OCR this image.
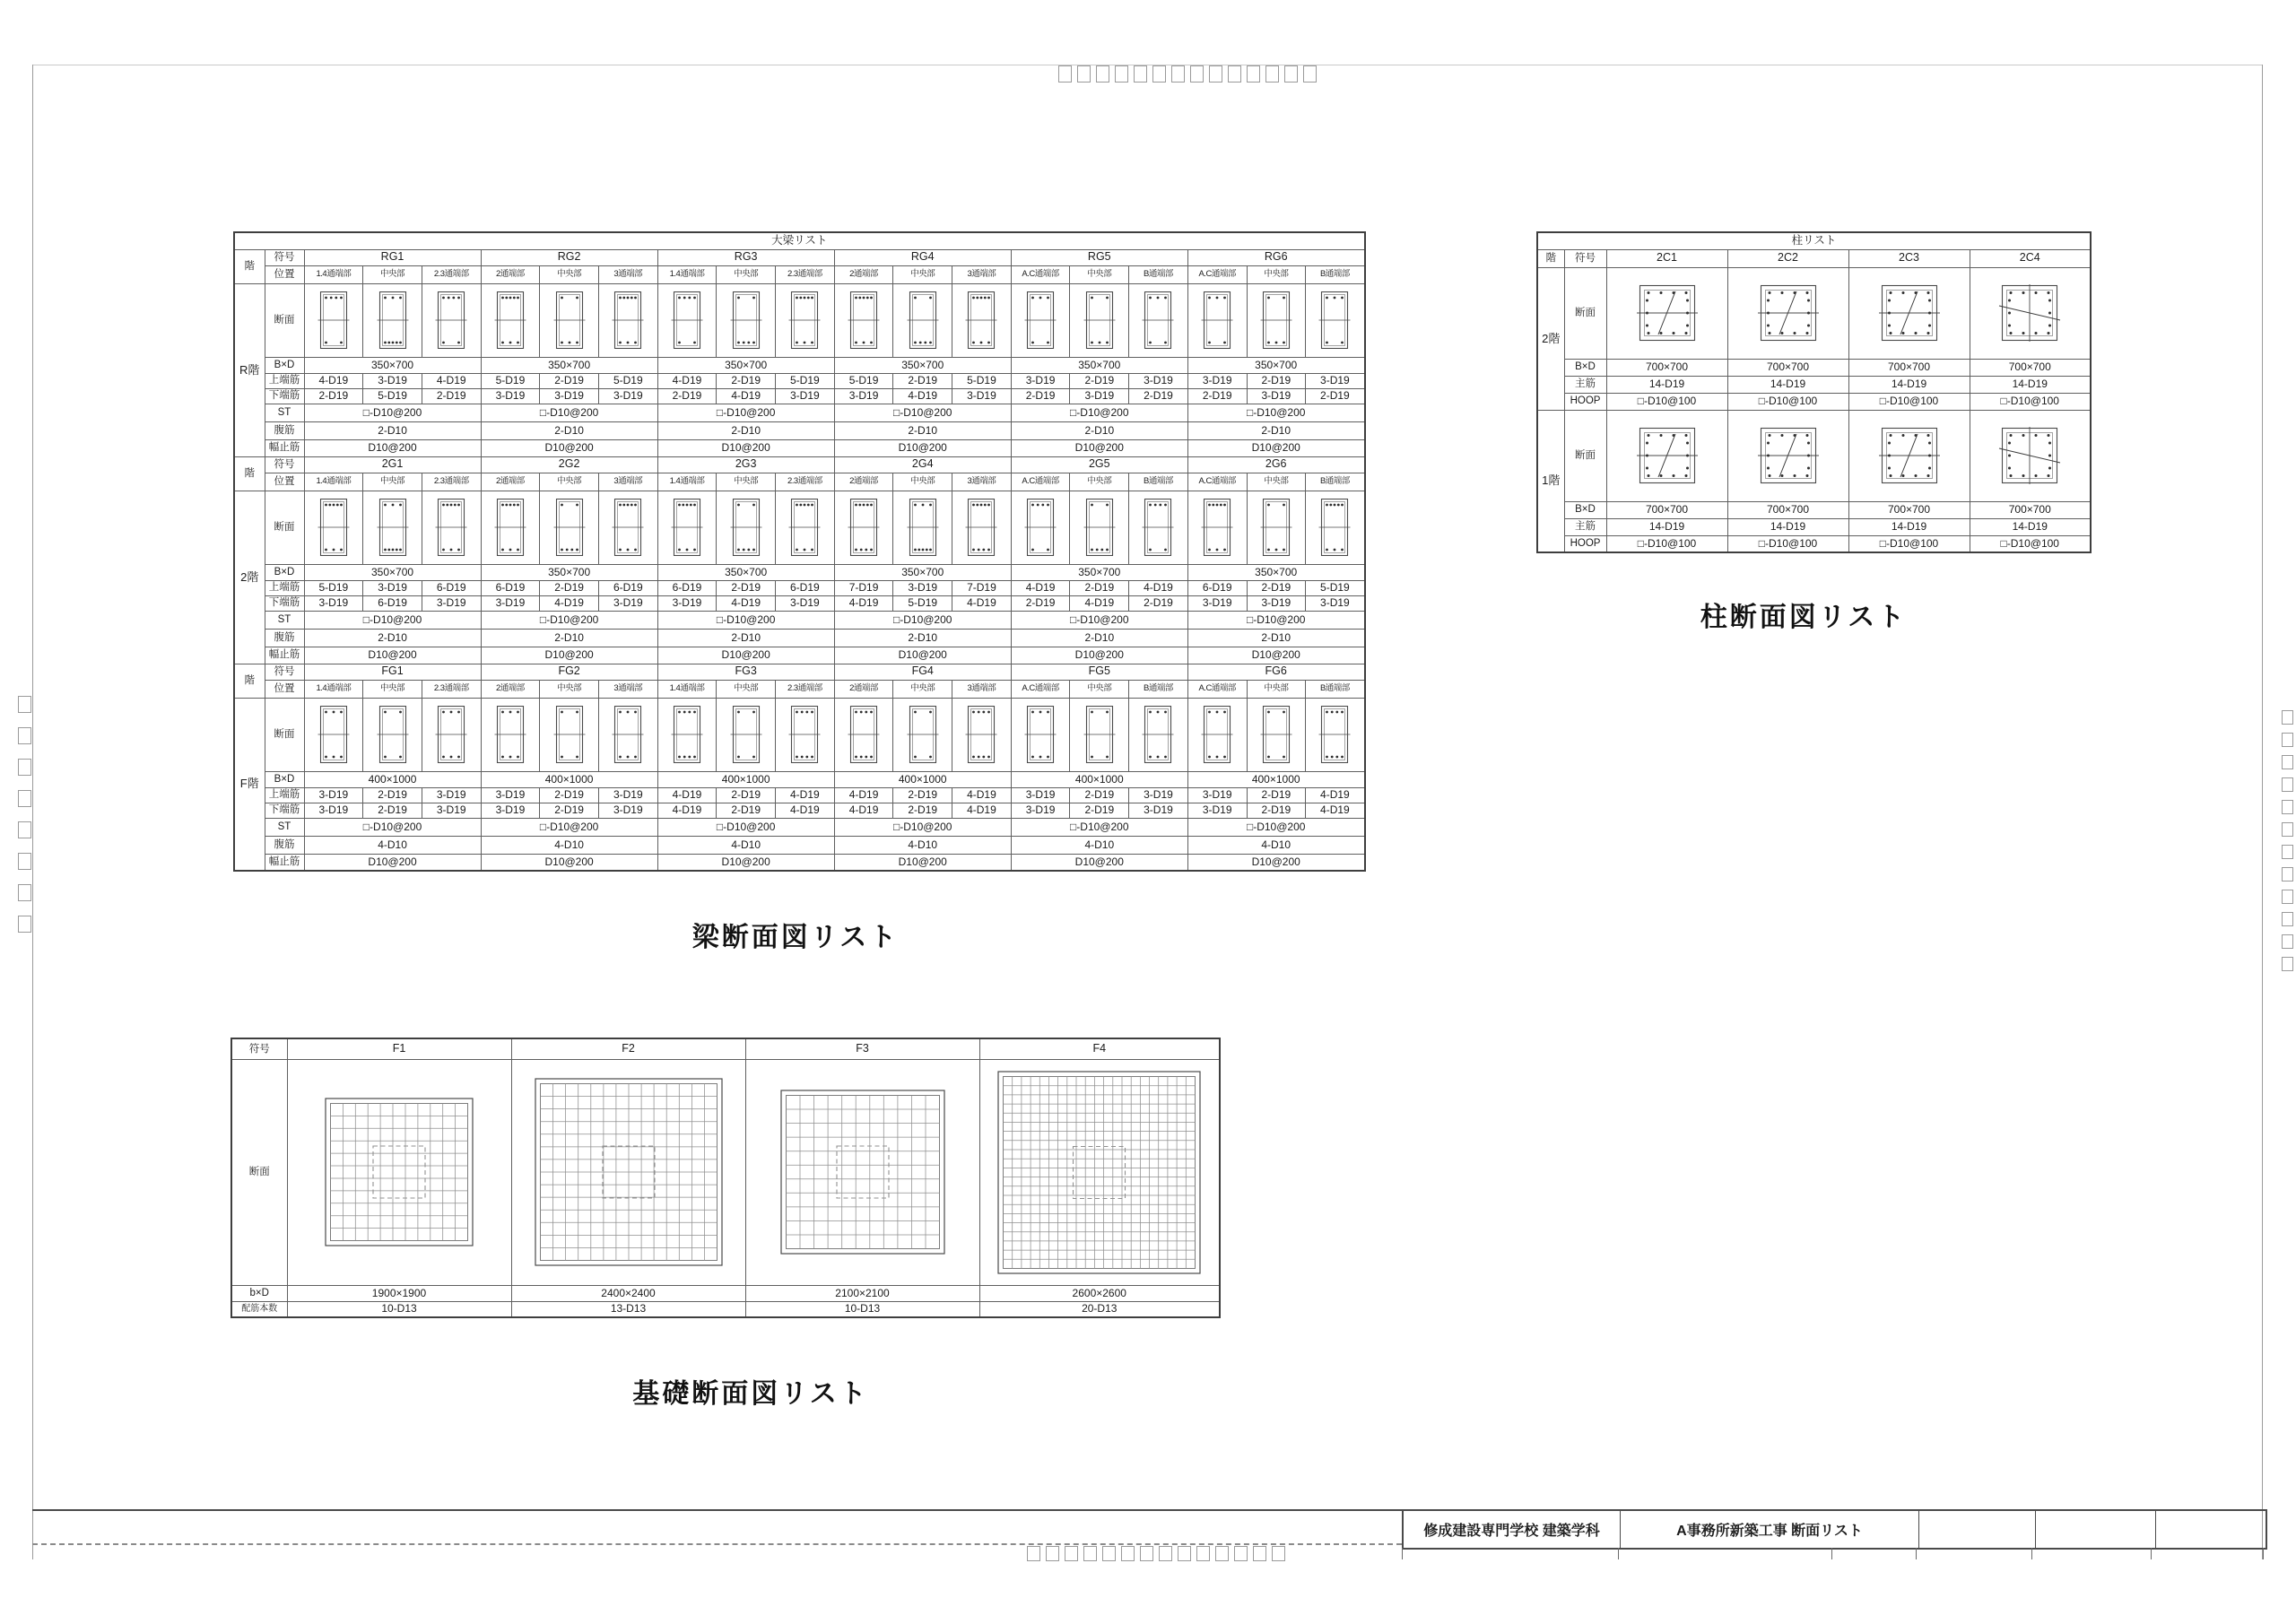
大梁リスト																			
階	符号	RG1			RG2			RG3			RG4			RG5			RG6		
	位置	1.4通端部	中央部	2.3通端部	2通端部	中央部	3通端部	1.4通端部	中央部	2.3通端部	2通端部	中央部	3通端部	A.C通端部	中央部	B通端部	A.C通端部	中央部	B通端部
R階	断面	

	B×D	350×700			350×700			350×700			350×700			350×700			350×700		
	上端筋	4-D19	3-D19	4-D19	5-D19	2-D19	5-D19	4-D19	2-D19	5-D19	5-D19	2-D19	5-D19	3-D19	2-D19	3-D19	3-D19	2-D19	3-D19
	下端筋	2-D19	5-D19	2-D19	3-D19	3-D19	3-D19	2-D19	4-D19	3-D19	3-D19	4-D19	3-D19	2-D19	3-D19	2-D19	2-D19	3-D19	2-D19
	ST	□-D10@200			□-D10@200			□-D10@200			□-D10@200			□-D10@200			□-D10@200		
	腹筋	2-D10			2-D10			2-D10			2-D10			2-D10			2-D10		
	幅止筋	D10@200			D10@200			D10@200			D10@200			D10@200			D10@200		
階	符号	2G1			2G2			2G3			2G4			2G5			2G6		
	位置	1.4通端部	中央部	2.3通端部	2通端部	中央部	3通端部	1.4通端部	中央部	2.3通端部	2通端部	中央部	3通端部	A.C通端部	中央部	B通端部	A.C通端部	中央部	B通端部
2階	断面	

	B×D	350×700			350×700			350×700			350×700			350×700			350×700		
	上端筋	5-D19	3-D19	6-D19	6-D19	2-D19	6-D19	6-D19	2-D19	6-D19	7-D19	3-D19	7-D19	4-D19	2-D19	4-D19	6-D19	2-D19	5-D19
	下端筋	3-D19	6-D19	3-D19	3-D19	4-D19	3-D19	3-D19	4-D19	3-D19	4-D19	5-D19	4-D19	2-D19	4-D19	2-D19	3-D19	3-D19	3-D19
	ST	□-D10@200			□-D10@200			□-D10@200			□-D10@200			□-D10@200			□-D10@200		
	腹筋	2-D10			2-D10			2-D10			2-D10			2-D10			2-D10		
	幅止筋	D10@200			D10@200			D10@200			D10@200			D10@200			D10@200		
階	符号	FG1			FG2			FG3			FG4			FG5			FG6		
	位置	1.4通端部	中央部	2.3通端部	2通端部	中央部	3通端部	1.4通端部	中央部	2.3通端部	2通端部	中央部	3通端部	A.C通端部	中央部	B通端部	A.C通端部	中央部	B通端部
F階	断面	

	B×D	400×1000			400×1000			400×1000			400×1000			400×1000			400×1000		
	上端筋	3-D19	2-D19	3-D19	3-D19	2-D19	3-D19	4-D19	2-D19	4-D19	4-D19	2-D19	4-D19	3-D19	2-D19	3-D19	3-D19	2-D19	4-D19
	下端筋	3-D19	2-D19	3-D19	3-D19	2-D19	3-D19	4-D19	2-D19	4-D19	4-D19	2-D19	4-D19	3-D19	2-D19	3-D19	3-D19	2-D19	4-D19
	ST	□-D10@200			□-D10@200			□-D10@200			□-D10@200			□-D10@200			□-D10@200		
	腹筋	4-D10			4-D10			4-D10			4-D10			4-D10			4-D10		
	幅止筋	D10@200			D10@200			D10@200			D10@200			D10@200			D10@200		
柱リスト					
階	符号	2C1	2C2	2C3	2C4
2階	断面	

	B×D	700×700	700×700	700×700	700×700
	主筋	14-D19	14-D19	14-D19	14-D19
	HOOP	□-D10@100	□-D10@100	□-D10@100	□-D10@100
1階	断面	

	B×D	700×700	700×700	700×700	700×700
	主筋	14-D19	14-D19	14-D19	14-D19
	HOOP	□-D10@100	□-D10@100	□-D10@100	□-D10@100
符号	F1	F2	F3	F4
断面	

b×D	1900×1900	2400×2400	2100×2100	2600×2600
配筋本数	10-D13	13-D13	10-D13	20-D13
梁断面図リスト
柱断面図リスト
基礎断面図リスト
修成建設専門学校 建築学科	A事務所新築工事 断面リスト
